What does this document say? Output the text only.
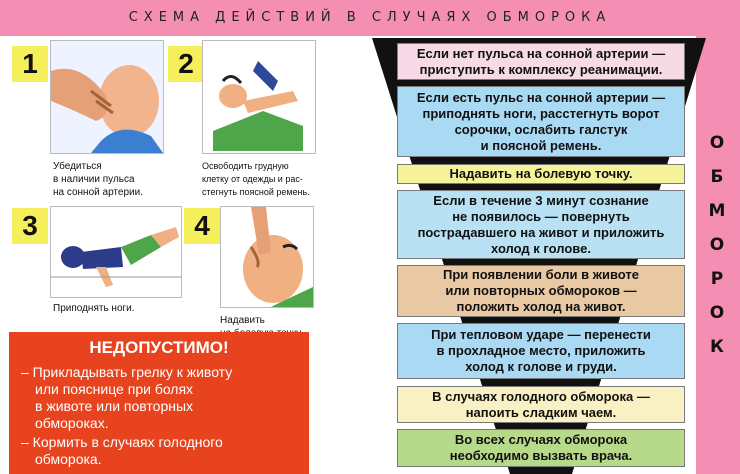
СХЕМА ДЕЙСТВИЙ В СЛУЧАЯХ ОБМОРОКА
О
Б
М
О
Р
О
К
1
Убедиться
в наличии пульса
на сонной артерии.
2
Освободить грудную
клетку от одежды и рас-
стегнуть поясной ремень.
3
Приподнять ноги.
4
Надавить
НЕДОПУСТИМО!
– Прикладывать грелку к животу
или пояснице при болях
в животе или повторных
обмороках.
– Кормить в случаях голодного
обморока.
Если нет пульса на сонной артерии —
приступить к комплексу реанимации.
Если есть пульс на сонной артерии —
приподнять ноги, расстегнуть ворот
сорочки, ослабить галстук
и поясной ремень.
Надавить на болевую точку.
Если в течение 3 минут сознание
не появилось — повернуть
пострадавшего на живот и приложить
холод к голове.
При появлении боли в животе
или повторных обмороков —
положить холод на живот.
При тепловом ударе — перенести
в прохладное место, приложить
холод к голове и груди.
В случаях голодного обморока —
напоить сладким чаем.
Во всех случаях обморока
необходимо вызвать врача.
